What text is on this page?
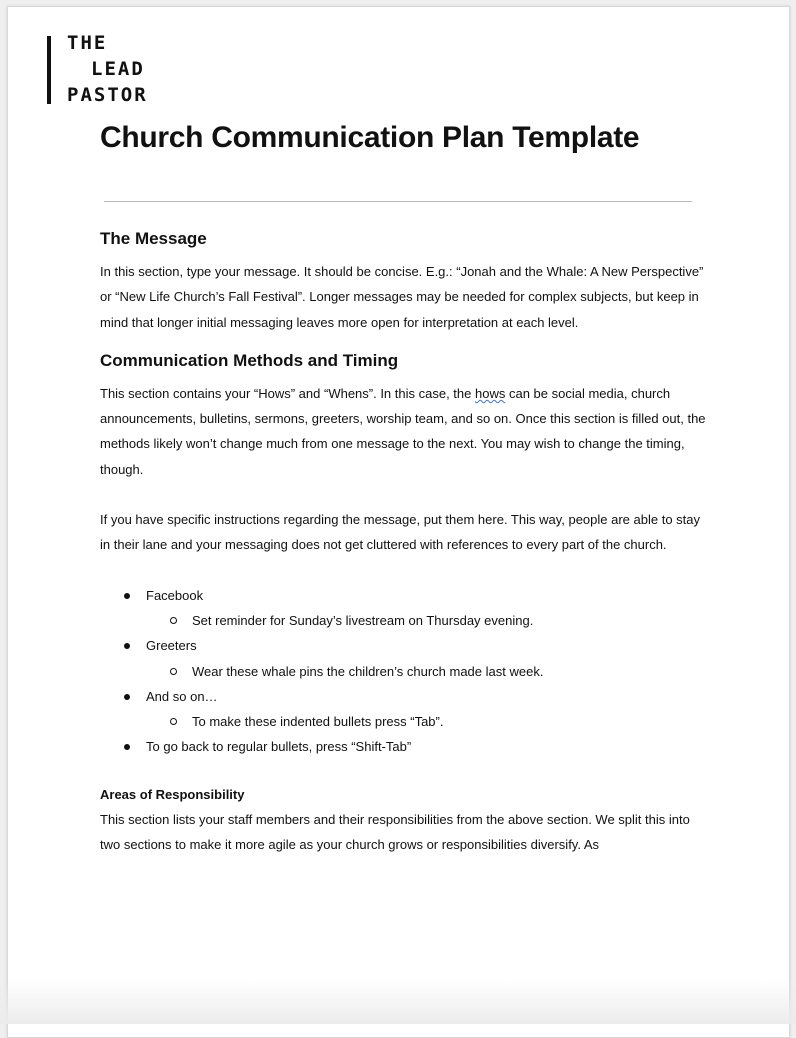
THE
LEAD
PASTOR
Church Communication Plan Template
The Message

In this section, type your message. It should be concise. E.g.: “Jonah and the Whale: A New Perspective” or “New Life Church’s Fall Festival”. Longer messages may be needed for complex subjects, but keep in mind that longer initial messaging leaves more open for interpretation at each level.

Communication Methods and Timing

This section contains your “Hows” and “Whens”. In this case, the hows can be social media, church announcements, bulletins, sermons, greeters, worship team, and so on. Once this section is filled out, the methods likely won’t change much from one message to the next. You may wish to change the timing, though.

If you have specific instructions regarding the message, put them here. This way, people are able to stay in their lane and your messaging does not get cluttered with references to every part of the church.

Facebook
Set reminder for Sunday’s livestream on Thursday evening.
Greeters
Wear these whale pins the children’s church made last week.
And so on…
To make these indented bullets press “Tab”.
To go back to regular bullets, press “Shift-Tab”
Areas of Responsibility

This section lists your staff members and their responsibilities from the above section. We split this into two sections to make it more agile as your church grows or responsibilities diversify. As
